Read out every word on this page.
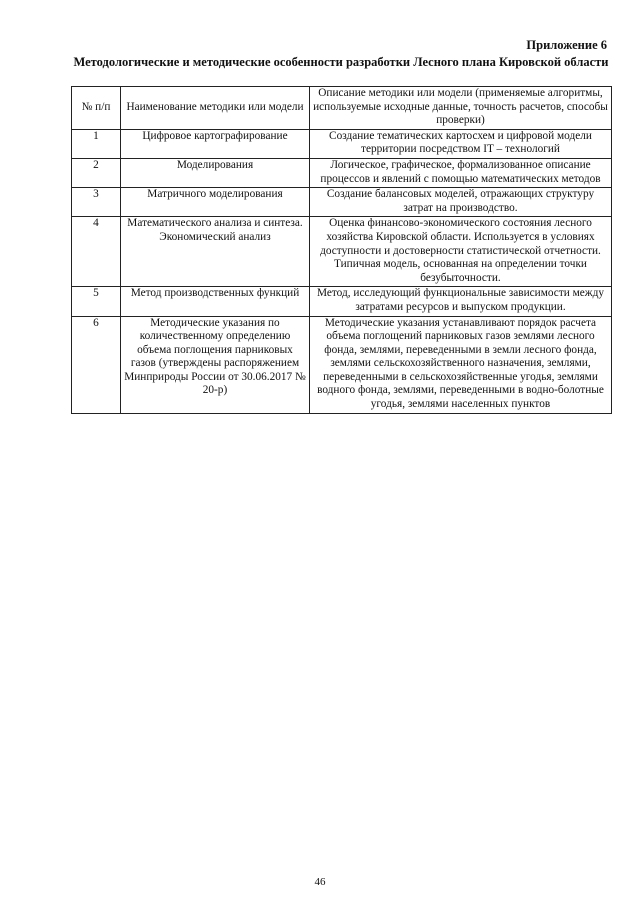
Приложение 6
Методологические и методические особенности разработки Лесного плана Кировской области
№ п/п	Наименование методики или модели	Описание методики или модели (применяемые алгоритмы, используемые исходные данные, точность расчетов, способы проверки)
1	Цифровое картографирование	Создание тематических картосхем и цифровой модели территории посредством IT – технологий
2	Моделирования	Логическое, графическое, формализованное описание процессов и явлений с помощью математических методов
3	Матричного моделирования	Создание балансовых моделей, отражающих структуру затрат на производство.
4	Математического анализа и синтеза. Экономический анализ	Оценка финансово-экономического состояния лесного хозяйства Кировской области. Используется в условиях доступности и достоверности статистической отчетности. Типичная модель, основанная на определении точки безубыточности.
5	Метод производственных функций	Метод, исследующий функциональные зависимости между затратами ресурсов и выпуском продукции.
6	Методические указания по количественному определению объема поглощения парниковых газов (утверждены распоряжением Минприроды России от 30.06.2017 № 20-р)	Методические указания устанавливают порядок расчета объема поглощений парниковых газов землями лесного фонда, землями, переведенными в земли лесного фонда, землями сельскохозяйственного назначения, землями, переведенными в сельскохозяйственные угодья, землями водного фонда, землями, переведенными в водно-болотные угодья, землями населенных пунктов
46
